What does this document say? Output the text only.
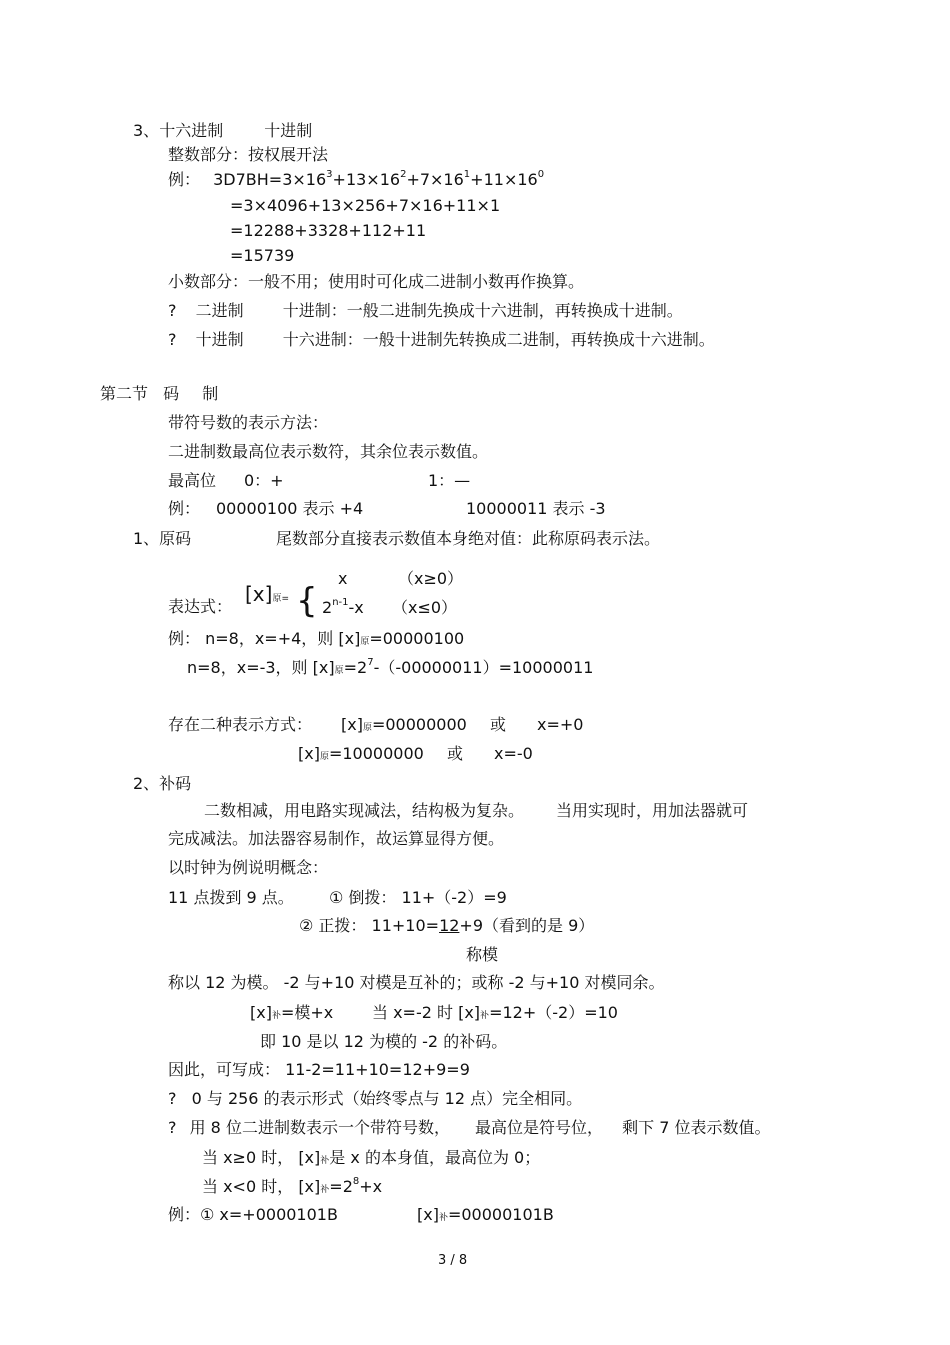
3、十六进制	十进制
整数部分：按权展开法
例： $3D7BH=3\times 16^3+13\times 16^2+7\times 16^1+11\times 16^0$
=3×4096+13×256+7×16+11×1
=12288+3328+112+11
=15739
小数部分：一般不用；使用时可化成二进制小数再作换算。
? 二进制 十进制：一般二进制先换成十六进制，再转换成十进制。
? 十进制 十六进制：一般十进制先转换成二进制，再转换成十六进制。
第二节 码 制
带符号数的表示方法：
二进制数最高位表示数符，其余位表示数值。
最高位 0：+	1：—
例： 00000100 表示 +4	10000011 表示 -3
1、原码	尾数部分直接表示数值本身绝对值：此称原码表示法。
表达式：
[x]原= {
x	（x≥0）
2$^{n-1}$-x （x≤0）
例： n=8，x=+4，则 [x]原=00000100
n=8，x=-3，则 [x]原$=2^7-(-00000011)=10000011$
存在二种表示方式： [x]原=00000000 或 x=+0
[x]原=10000000 或 x=-0
2、补码
二数相减，用电路实现减法，结构极为复杂。 当用实现时，用加法器就可
完成减法。加法器容易制作，故运算显得方便。
以时钟为例说明概念：
11 点拨到 9 点。 ① 倒拨： 11+（-2）=9
② 正拨： 11+10=12+9（看到的是 9）
称模
称以 12 为模。 -2 与+10 对模是互补的；或称 -2 与+10 对模同余。
[x]补=模+x 当 x=-2 时 [x]补=12+（-2）=10
即 10 是以 12 为模的 -2 的补码。
因此，可写成： 11-2=11+10=12+9=9
? 0 与 256 的表示形式（始终零点与 12 点）完全相同。
? 用 8 位二进制数表示一个带符号数， 最高位是符号位， 剩下 7 位表示数值。
当 x≥0 时， [x]补是 x 的本身值，最高位为 0；
当 x<0 时， [x]补$=2^8+x$
例：① x=+0000101B	[x]补=00000101B
3 / 8
